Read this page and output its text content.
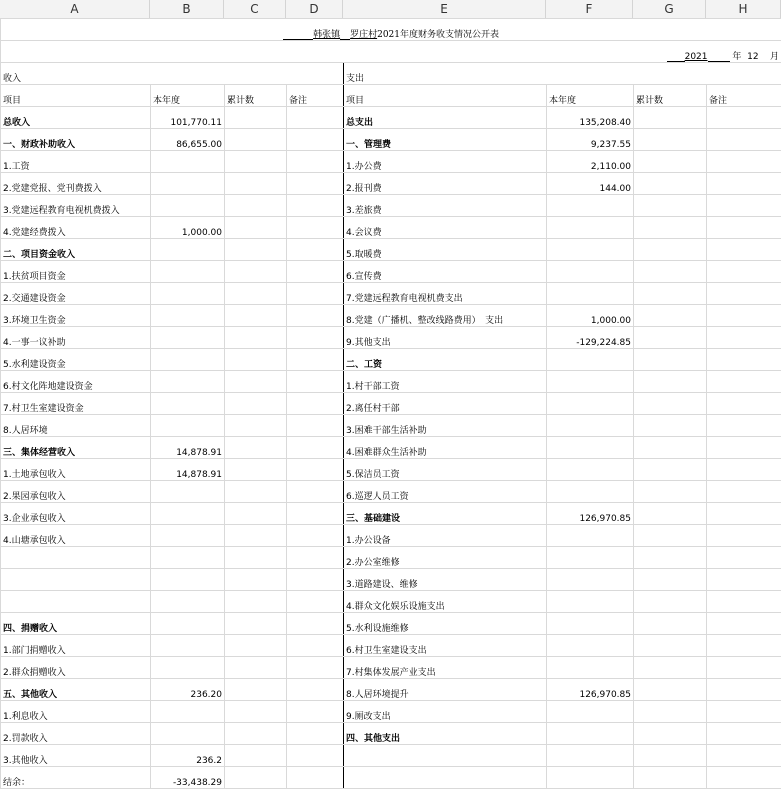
A	B	C	D	E	F	G	H
韩张镇 罗庄村2021年度财务收支情况公开表							
2021 年 12 月							
收入				支出			
项目	本年度	累计数	备注	项目	本年度	累计数	备注
总收入	101,770.11			总支出	135,208.40		
一、财政补助收入	86,655.00			一、管理费	9,237.55		
1.工资				1.办公费	2,110.00		
2.党建党报、党刊费拨入				2.报刊费	144.00		
3.党建远程教育电视机费拨入				3.差旅费			
4.党建经费拨入	1,000.00			4.会议费			
二、项目资金收入				5.取暖费			
1.扶贫项目资金				6.宣传费			
2.交通建设资金				7.党建远程教育电视机费支出			
3.环境卫生资金				8.党建（广播机、整改线路费用）　支出	1,000.00		
4.一事一议补助				9.其他支出	-129,224.85		
5.水利建设资金				二、工资			
6.村文化阵地建设资金				1.村干部工资			
7.村卫生室建设资金				2.离任村干部			
8.人居环境				3.困难干部生活补助			
三、集体经营收入	14,878.91			4.困难群众生活补助			
1.土地承包收入	14,878.91			5.保洁员工资			
2.果园承包收入				6.巡逻人员工资			
3.企业承包收入				三、基础建设	126,970.85		
4.山塘承包收入				1.办公设备			
				2.办公室维修			
				3.道路建设、维修			
				4.群众文化娱乐设施支出			
四、捐赠收入				5.水利设施维修			
1.部门捐赠收入				6.村卫生室建设支出			
2.群众捐赠收入				7.村集体发展产业支出			
五、其他收入	236.20			8.人居环境提升	126,970.85		
1.利息收入				9.厕改支出			
2.罚款收入				四、其他支出			
3.其他收入	236.2						
结余：	-33,438.29						
